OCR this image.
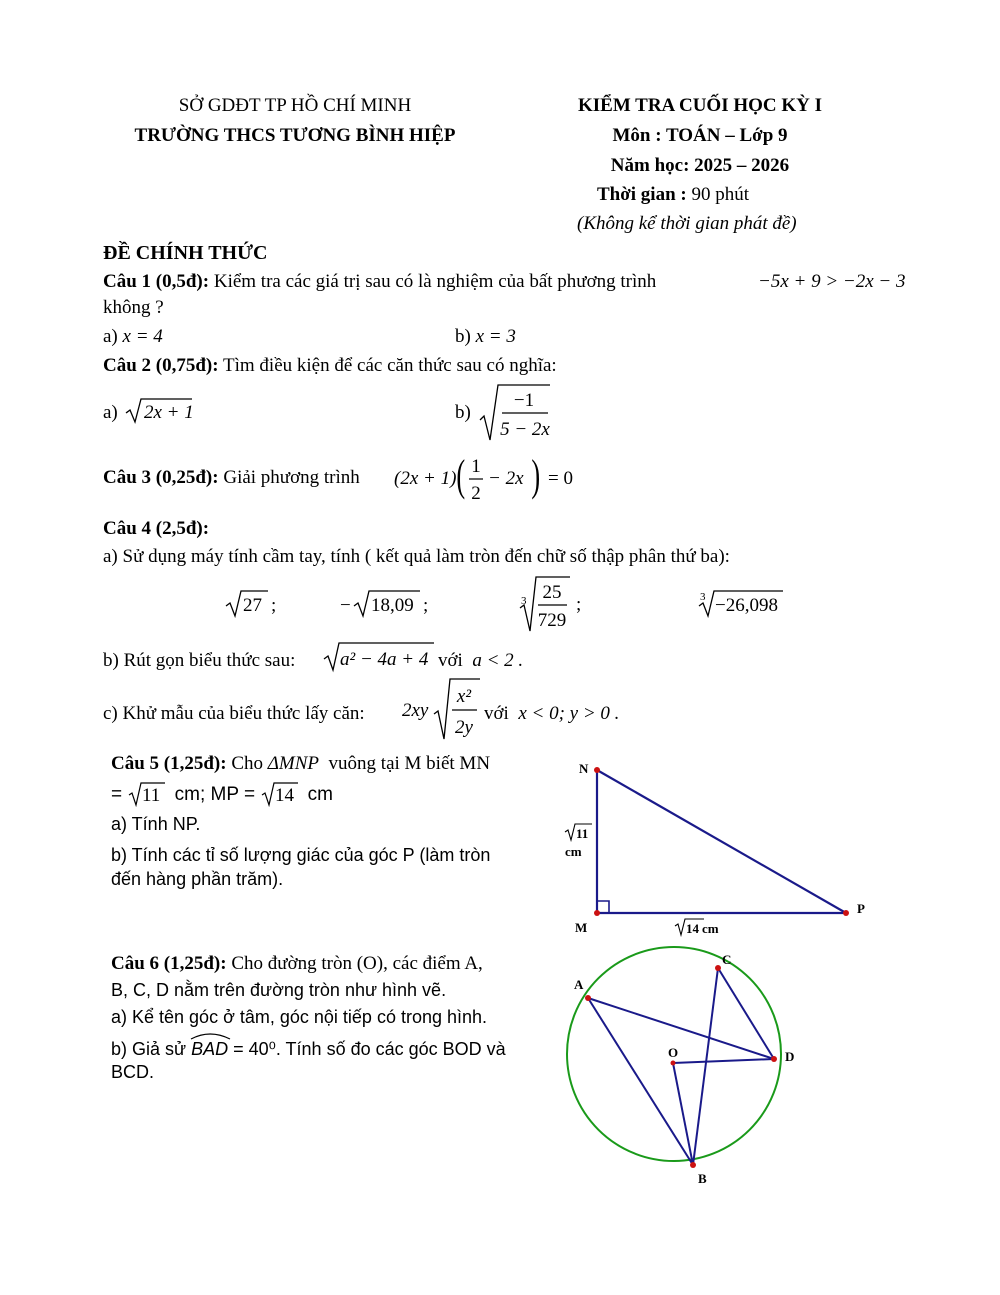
SỞ GDĐT TP HỒ CHÍ MINH
TRƯỜNG THCS TƯƠNG BÌNH HIỆP
KIỂM TRA CUỐI HỌC KỲ I
Môn : TOÁN – Lớp 9
Năm học: 2025 – 2026
Thời gian : 90 phút
(Không kể thời gian phát đề)
ĐỀ CHÍNH THỨC
Câu 1 (0,5đ): Kiểm tra các giá trị sau có là nghiệm của bất phương trình	−5x + 9 > −2x − 3
không ?
a) x = 4	b) x = 3
Câu 2 (0,75đ): Tìm điều kiện để các căn thức sau có nghĩa:
a) 2x + 1	b)
−1
5 − 2x
Câu 3 (0,25đ): Giải phương trình (2x + 1) ( 1
2
− 2x ) = 0
Câu 4 (2,5đ):
a) Sử dụng máy tính cầm tay, tính ( kết quả làm tròn đến chữ số thập phân thứ ba):
27 ;	− 18,09 ;	3 25
729
;	3 −26,098
b) Rút gọn biểu thức sau: a² − 4a + 4 với a < 2 .
c) Khử mẫu của biểu thức lấy căn: 2xy
x²
2y
với x < 0; y > 0 .
Câu 5 (1,25đ): Cho ΔMNP vuông tại M biết MN
= 11 cm; MP = 14 cm
a) Tính NP.
b) Tính các tỉ số lượng giác của góc P (làm tròn
đến hàng phần trăm).
N
M
P
11
cm
14 cm
Câu 6 (1,25đ): Cho đường tròn (O), các điểm A,
B, C, D nằm trên đường tròn như hình vẽ.
a) Kể tên góc ở tâm, góc nội tiếp có trong hình.
b) Giả sử BAD = 40⁰. Tính số đo các góc BOD và
BCD.
A
C
D
B
O
